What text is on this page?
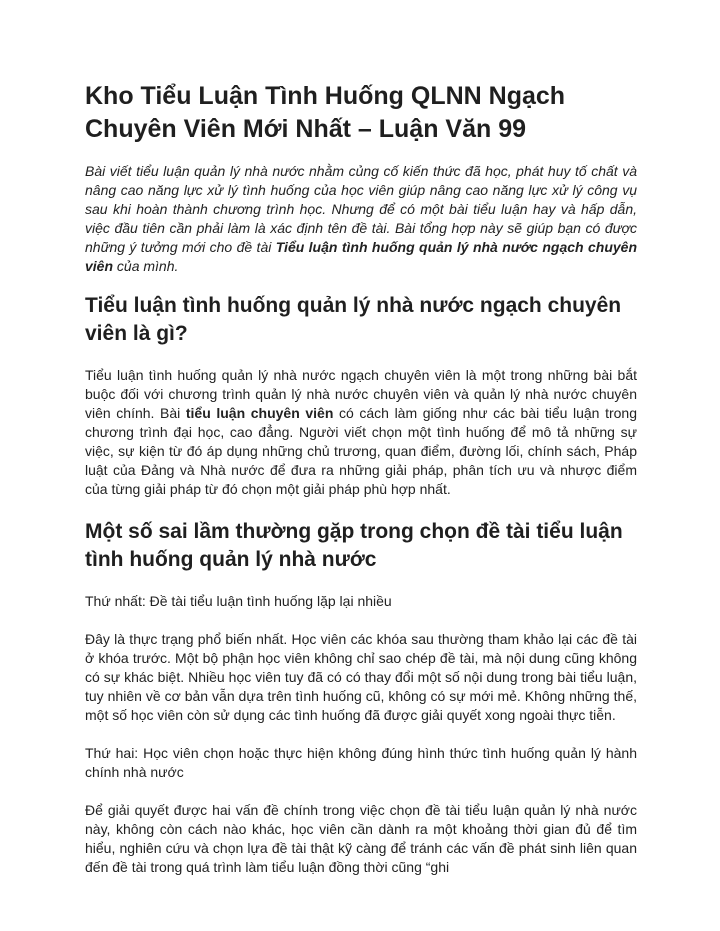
Kho Tiểu Luận Tình Huống QLNN Ngạch Chuyên Viên Mới Nhất – Luận Văn 99

Bài viết tiểu luận quản lý nhà nước nhằm củng cố kiến thức đã học, phát huy tố chất và nâng cao năng lực xử lý tình huống của học viên giúp nâng cao năng lực xử lý công vụ sau khi hoàn thành chương trình học. Nhưng để có một bài tiểu luận hay và hấp dẫn, việc đầu tiên cần phải làm là xác định tên đề tài. Bài tổng hợp này sẽ giúp bạn có được những ý tưởng mới cho đề tài Tiểu luận tình huống quản lý nhà nước ngạch chuyên viên của mình.

Tiểu luận tình huống quản lý nhà nước ngạch chuyên viên là gì?

Tiểu luận tình huống quản lý nhà nước ngạch chuyên viên là một trong những bài bắt buộc đối với chương trình quản lý nhà nước chuyên viên và quản lý nhà nước chuyên viên chính. Bài tiểu luận chuyên viên có cách làm giống như các bài tiểu luận trong chương trình đại học, cao đẳng. Người viết chọn một tình huống để mô tả những sự việc, sự kiện từ đó áp dụng những chủ trương, quan điểm, đường lối, chính sách, Pháp luật của Đảng và Nhà nước để đưa ra những giải pháp, phân tích ưu và nhược điểm của từng giải pháp từ đó chọn một giải pháp phù hợp nhất.

Một số sai lầm thường gặp trong chọn đề tài tiểu luận tình huống quản lý nhà nước

Thứ nhất: Đề tài tiểu luận tình huống lặp lại nhiều

Đây là thực trạng phổ biến nhất. Học viên các khóa sau thường tham khảo lại các đề tài ở khóa trước. Một bộ phận học viên không chỉ sao chép đề tài, mà nội dung cũng không có sự khác biệt. Nhiều học viên tuy đã có có thay đổi một số nội dung trong bài tiểu luận, tuy nhiên về cơ bản vẫn dựa trên tình huống cũ, không có sự mới mẻ. Không những thế, một số học viên còn sử dụng các tình huống đã được giải quyết xong ngoài thực tiễn.

Thứ hai: Học viên chọn hoặc thực hiện không đúng hình thức tình huống quản lý hành chính nhà nước

Để giải quyết được hai vấn đề chính trong việc chọn đề tài tiểu luận quản lý nhà nước này, không còn cách nào khác, học viên cần dành ra một khoảng thời gian đủ để tìm hiểu, nghiên cứu và chọn lựa đề tài thật kỹ càng để tránh các vấn đề phát sinh liên quan đến đề tài trong quá trình làm tiểu luận đồng thời cũng “ghi
